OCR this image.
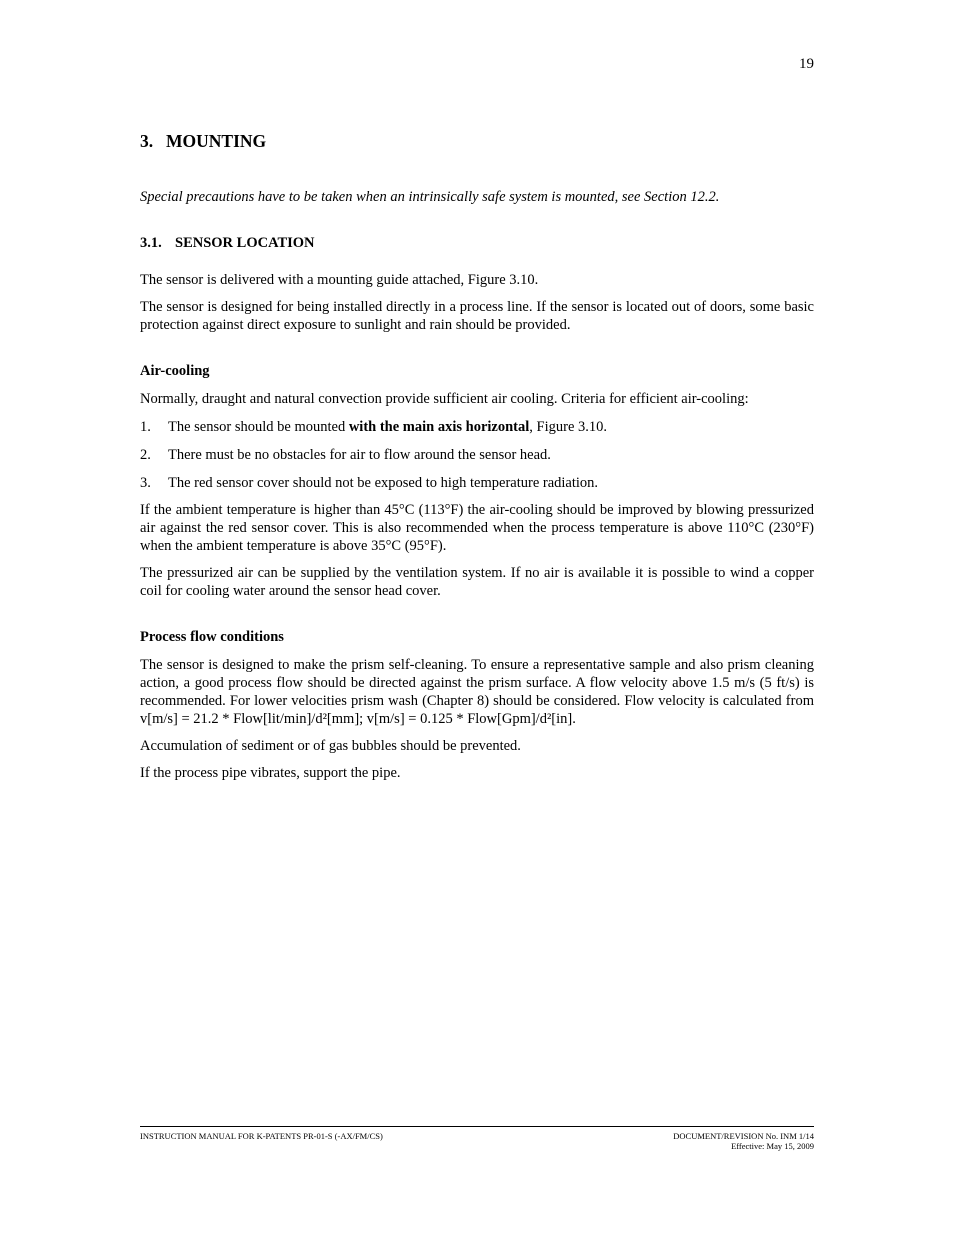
19
3. MOUNTING

Special precautions have to be taken when an intrinsically safe system is mounted, see Section 12.2.

3.1. SENSOR LOCATION

The sensor is delivered with a mounting guide attached, Figure 3.10.

The sensor is designed for being installed directly in a process line. If the sensor is located out of doors, some basic protection against direct exposure to sunlight and rain should be provided.

Air-cooling

Normally, draught and natural convection provide sufficient air cooling. Criteria for efficient air-cooling:

1.	The sensor should be mounted with the main axis horizontal, Figure 3.10.
2.	There must be no obstacles for air to flow around the sensor head.
3.	The red sensor cover should not be exposed to high temperature radiation.

If the ambient temperature is higher than 45°C (113°F) the air-cooling should be improved by blowing pressurized air against the red sensor cover. This is also recommended when the process temperature is above 110°C (230°F) when the ambient temperature is above 35°C (95°F).

The pressurized air can be supplied by the ventilation system. If no air is available it is possible to wind a copper coil for cooling water around the sensor head cover.

Process flow conditions

The sensor is designed to make the prism self-cleaning. To ensure a representative sample and also prism cleaning action, a good process flow should be directed against the prism surface. A flow velocity above 1.5 m/s (5 ft/s) is recommended. For lower velocities prism wash (Chapter 8) should be considered. Flow velocity is calculated from v[m/s] = 21.2 * Flow[lit/min]/d²[mm]; v[m/s] = 0.125 * Flow[Gpm]/d²[in].

Accumulation of sediment or of gas bubbles should be prevented.

If the process pipe vibrates, support the pipe.

INSTRUCTION MANUAL FOR K-PATENTS PR-01-S (-AX/FM/CS)	DOCUMENT/REVISION No. INM 1/14
Effective: May 15, 2009
